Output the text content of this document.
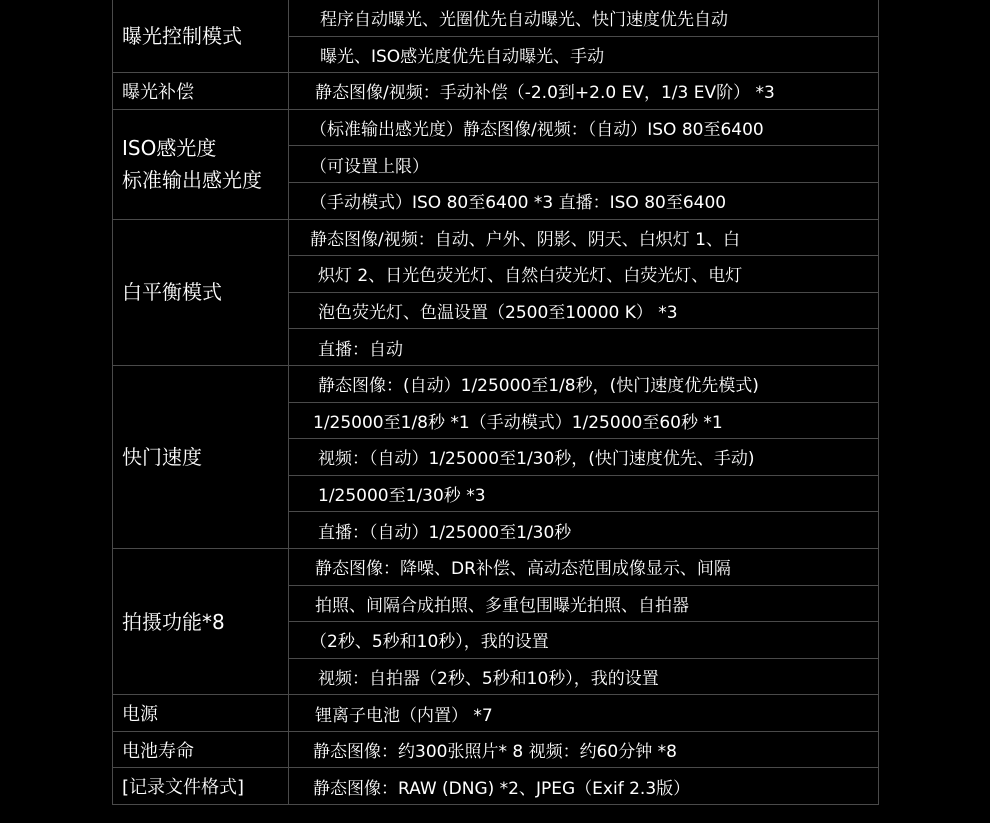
曝光控制模式	程序自动曝光、光圈优先自动曝光、快门速度优先自动
	曝光、ISO感光度优先自动曝光、手动

曝光补偿	静态图像/视频：手动补偿（-2.0到+2.0 EV，1/3 EV阶） *3

ISO感光度
标准输出感光度	（标准输出感光度）静态图像/视频：（自动）ISO 80至6400
	（可设置上限）
	（手动模式）ISO 80至6400 *3 直播：ISO 80至6400

白平衡模式	静态图像/视频：自动、户外、阴影、阴天、白炽灯 1、白
	炽灯 2、日光色荧光灯、自然白荧光灯、白荧光灯、电灯
	泡色荧光灯、色温设置（2500至10000 K） *3
	直播：自动

快门速度	静态图像：(自动）1/25000至1/8秒，(快门速度优先模式)
	1/25000至1/8秒 *1（手动模式）1/25000至60秒 *1
	视频：（自动）1/25000至1/30秒，(快门速度优先、手动)
	1/25000至1/30秒 *3
	直播：（自动）1/25000至1/30秒

拍摄功能*8	静态图像：降噪、DR补偿、高动态范围成像显示、间隔
	拍照、间隔合成拍照、多重包围曝光拍照、自拍器
	（2秒、5秒和10秒），我的设置
	视频：自拍器（2秒、5秒和10秒），我的设置

电源	锂离子电池（内置） *7

电池寿命	静态图像：约300张照片* 8 视频：约60分钟 *8

[记录文件格式]	静态图像：RAW (DNG) *2、JPEG（Exif 2.3版）
